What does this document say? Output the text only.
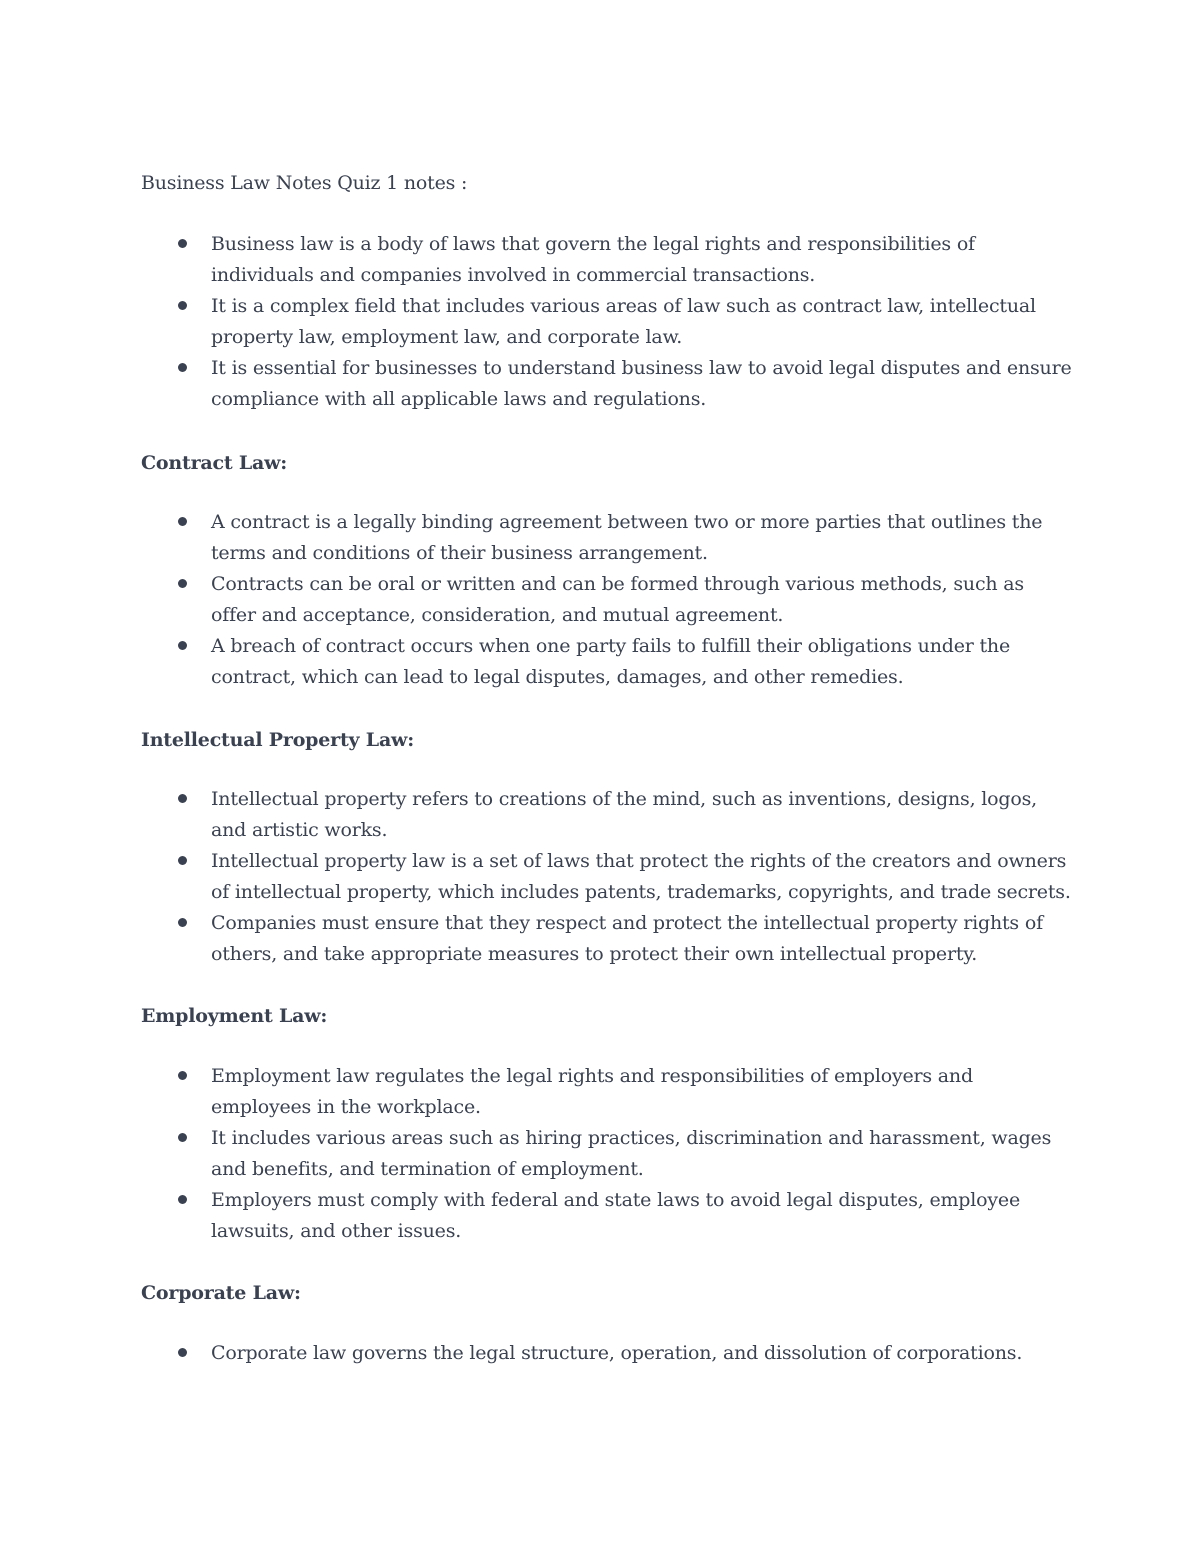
Business Law Notes Quiz 1 notes :
Business law is a body of laws that govern the legal rights and responsibilities of
individuals and companies involved in commercial transactions.
It is a complex field that includes various areas of law such as contract law, intellectual
property law, employment law, and corporate law.
It is essential for businesses to understand business law to avoid legal disputes and ensure
compliance with all applicable laws and regulations.
Contract Law:
A contract is a legally binding agreement between two or more parties that outlines the
terms and conditions of their business arrangement.
Contracts can be oral or written and can be formed through various methods, such as
offer and acceptance, consideration, and mutual agreement.
A breach of contract occurs when one party fails to fulfill their obligations under the
contract, which can lead to legal disputes, damages, and other remedies.
Intellectual Property Law:
Intellectual property refers to creations of the mind, such as inventions, designs, logos,
and artistic works.
Intellectual property law is a set of laws that protect the rights of the creators and owners
of intellectual property, which includes patents, trademarks, copyrights, and trade secrets.
Companies must ensure that they respect and protect the intellectual property rights of
others, and take appropriate measures to protect their own intellectual property.
Employment Law:
Employment law regulates the legal rights and responsibilities of employers and
employees in the workplace.
It includes various areas such as hiring practices, discrimination and harassment, wages
and benefits, and termination of employment.
Employers must comply with federal and state laws to avoid legal disputes, employee
lawsuits, and other issues.
Corporate Law:
Corporate law governs the legal structure, operation, and dissolution of corporations.
